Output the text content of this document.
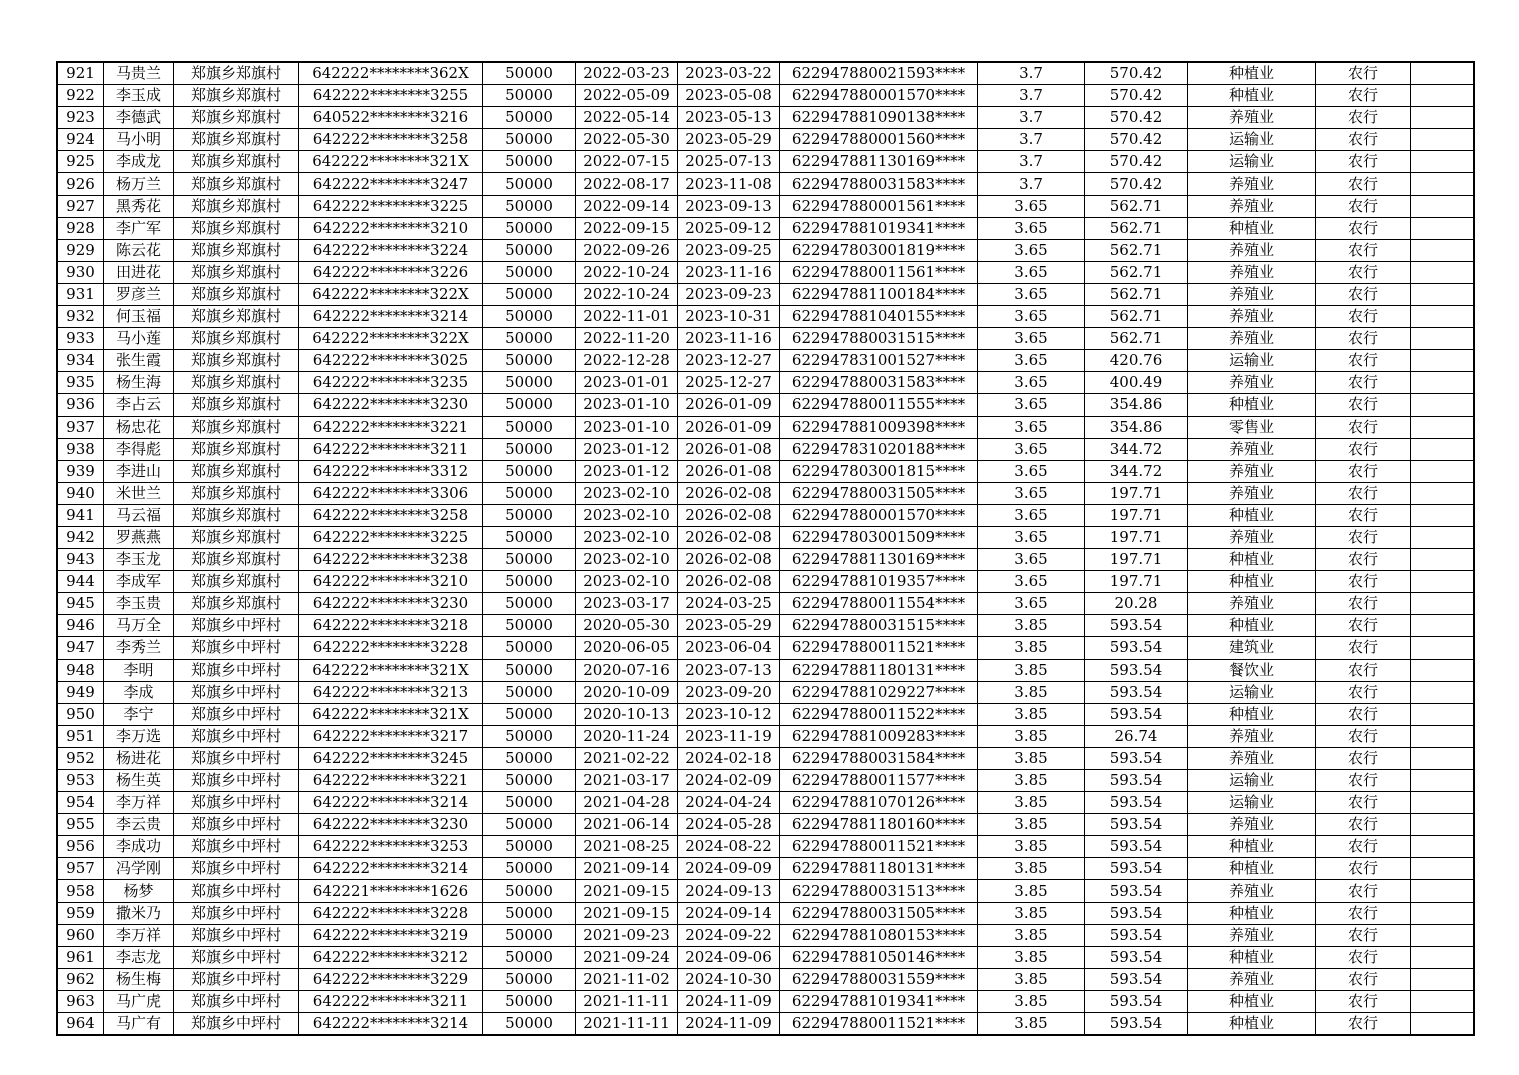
921	马贵兰	郑旗乡郑旗村	642222********362X	50000	2022-03-23	2023-03-22	622947880021593****	3.7	570.42	种植业	农行	
922	李玉成	郑旗乡郑旗村	642222********3255	50000	2022-05-09	2023-05-08	622947880001570****	3.7	570.42	种植业	农行	
923	李德武	郑旗乡郑旗村	640522********3216	50000	2022-05-14	2023-05-13	622947881090138****	3.7	570.42	养殖业	农行	
924	马小明	郑旗乡郑旗村	642222********3258	50000	2022-05-30	2023-05-29	622947880001560****	3.7	570.42	运输业	农行	
925	李成龙	郑旗乡郑旗村	642222********321X	50000	2022-07-15	2025-07-13	622947881130169****	3.7	570.42	运输业	农行	
926	杨万兰	郑旗乡郑旗村	642222********3247	50000	2022-08-17	2023-11-08	622947880031583****	3.7	570.42	养殖业	农行	
927	黑秀花	郑旗乡郑旗村	642222********3225	50000	2022-09-14	2023-09-13	622947880001561****	3.65	562.71	养殖业	农行	
928	李广军	郑旗乡郑旗村	642222********3210	50000	2022-09-15	2025-09-12	622947881019341****	3.65	562.71	种植业	农行	
929	陈云花	郑旗乡郑旗村	642222********3224	50000	2022-09-26	2023-09-25	622947803001819****	3.65	562.71	养殖业	农行	
930	田进花	郑旗乡郑旗村	642222********3226	50000	2022-10-24	2023-11-16	622947880011561****	3.65	562.71	养殖业	农行	
931	罗彦兰	郑旗乡郑旗村	642222********322X	50000	2022-10-24	2023-09-23	622947881100184****	3.65	562.71	养殖业	农行	
932	何玉福	郑旗乡郑旗村	642222********3214	50000	2022-11-01	2023-10-31	622947881040155****	3.65	562.71	养殖业	农行	
933	马小莲	郑旗乡郑旗村	642222********322X	50000	2022-11-20	2023-11-16	622947880031515****	3.65	562.71	养殖业	农行	
934	张生霞	郑旗乡郑旗村	642222********3025	50000	2022-12-28	2023-12-27	622947831001527****	3.65	420.76	运输业	农行	
935	杨生海	郑旗乡郑旗村	642222********3235	50000	2023-01-01	2025-12-27	622947880031583****	3.65	400.49	养殖业	农行	
936	李占云	郑旗乡郑旗村	642222********3230	50000	2023-01-10	2026-01-09	622947880011555****	3.65	354.86	种植业	农行	
937	杨忠花	郑旗乡郑旗村	642222********3221	50000	2023-01-10	2026-01-09	622947881009398****	3.65	354.86	零售业	农行	
938	李得彪	郑旗乡郑旗村	642222********3211	50000	2023-01-12	2026-01-08	622947831020188****	3.65	344.72	养殖业	农行	
939	李进山	郑旗乡郑旗村	642222********3312	50000	2023-01-12	2026-01-08	622947803001815****	3.65	344.72	养殖业	农行	
940	米世兰	郑旗乡郑旗村	642222********3306	50000	2023-02-10	2026-02-08	622947880031505****	3.65	197.71	养殖业	农行	
941	马云福	郑旗乡郑旗村	642222********3258	50000	2023-02-10	2026-02-08	622947880001570****	3.65	197.71	种植业	农行	
942	罗燕燕	郑旗乡郑旗村	642222********3225	50000	2023-02-10	2026-02-08	622947803001509****	3.65	197.71	养殖业	农行	
943	李玉龙	郑旗乡郑旗村	642222********3238	50000	2023-02-10	2026-02-08	622947881130169****	3.65	197.71	种植业	农行	
944	李成军	郑旗乡郑旗村	642222********3210	50000	2023-02-10	2026-02-08	622947881019357****	3.65	197.71	种植业	农行	
945	李玉贵	郑旗乡郑旗村	642222********3230	50000	2023-03-17	2024-03-25	622947880011554****	3.65	20.28	养殖业	农行	
946	马万全	郑旗乡中坪村	642222********3218	50000	2020-05-30	2023-05-29	622947880031515****	3.85	593.54	种植业	农行	
947	李秀兰	郑旗乡中坪村	642222********3228	50000	2020-06-05	2023-06-04	622947880011521****	3.85	593.54	建筑业	农行	
948	李明	郑旗乡中坪村	642222********321X	50000	2020-07-16	2023-07-13	622947881180131****	3.85	593.54	餐饮业	农行	
949	李成	郑旗乡中坪村	642222********3213	50000	2020-10-09	2023-09-20	622947881029227****	3.85	593.54	运输业	农行	
950	李宁	郑旗乡中坪村	642222********321X	50000	2020-10-13	2023-10-12	622947880011522****	3.85	593.54	种植业	农行	
951	李万选	郑旗乡中坪村	642222********3217	50000	2020-11-24	2023-11-19	622947881009283****	3.85	26.74	养殖业	农行	
952	杨进花	郑旗乡中坪村	642222********3245	50000	2021-02-22	2024-02-18	622947880031584****	3.85	593.54	养殖业	农行	
953	杨生英	郑旗乡中坪村	642222********3221	50000	2021-03-17	2024-02-09	622947880011577****	3.85	593.54	运输业	农行	
954	李万祥	郑旗乡中坪村	642222********3214	50000	2021-04-28	2024-04-24	622947881070126****	3.85	593.54	运输业	农行	
955	李云贵	郑旗乡中坪村	642222********3230	50000	2021-06-14	2024-05-28	622947881180160****	3.85	593.54	养殖业	农行	
956	李成功	郑旗乡中坪村	642222********3253	50000	2021-08-25	2024-08-22	622947880011521****	3.85	593.54	种植业	农行	
957	冯学刚	郑旗乡中坪村	642222********3214	50000	2021-09-14	2024-09-09	622947881180131****	3.85	593.54	种植业	农行	
958	杨梦	郑旗乡中坪村	642221********1626	50000	2021-09-15	2024-09-13	622947880031513****	3.85	593.54	养殖业	农行	
959	撒米乃	郑旗乡中坪村	642222********3228	50000	2021-09-15	2024-09-14	622947880031505****	3.85	593.54	种植业	农行	
960	李万祥	郑旗乡中坪村	642222********3219	50000	2021-09-23	2024-09-22	622947881080153****	3.85	593.54	养殖业	农行	
961	李志龙	郑旗乡中坪村	642222********3212	50000	2021-09-24	2024-09-06	622947881050146****	3.85	593.54	种植业	农行	
962	杨生梅	郑旗乡中坪村	642222********3229	50000	2021-11-02	2024-10-30	622947880031559****	3.85	593.54	养殖业	农行	
963	马广虎	郑旗乡中坪村	642222********3211	50000	2021-11-11	2024-11-09	622947881019341****	3.85	593.54	种植业	农行	
964	马广有	郑旗乡中坪村	642222********3214	50000	2021-11-11	2024-11-09	622947880011521****	3.85	593.54	种植业	农行	
